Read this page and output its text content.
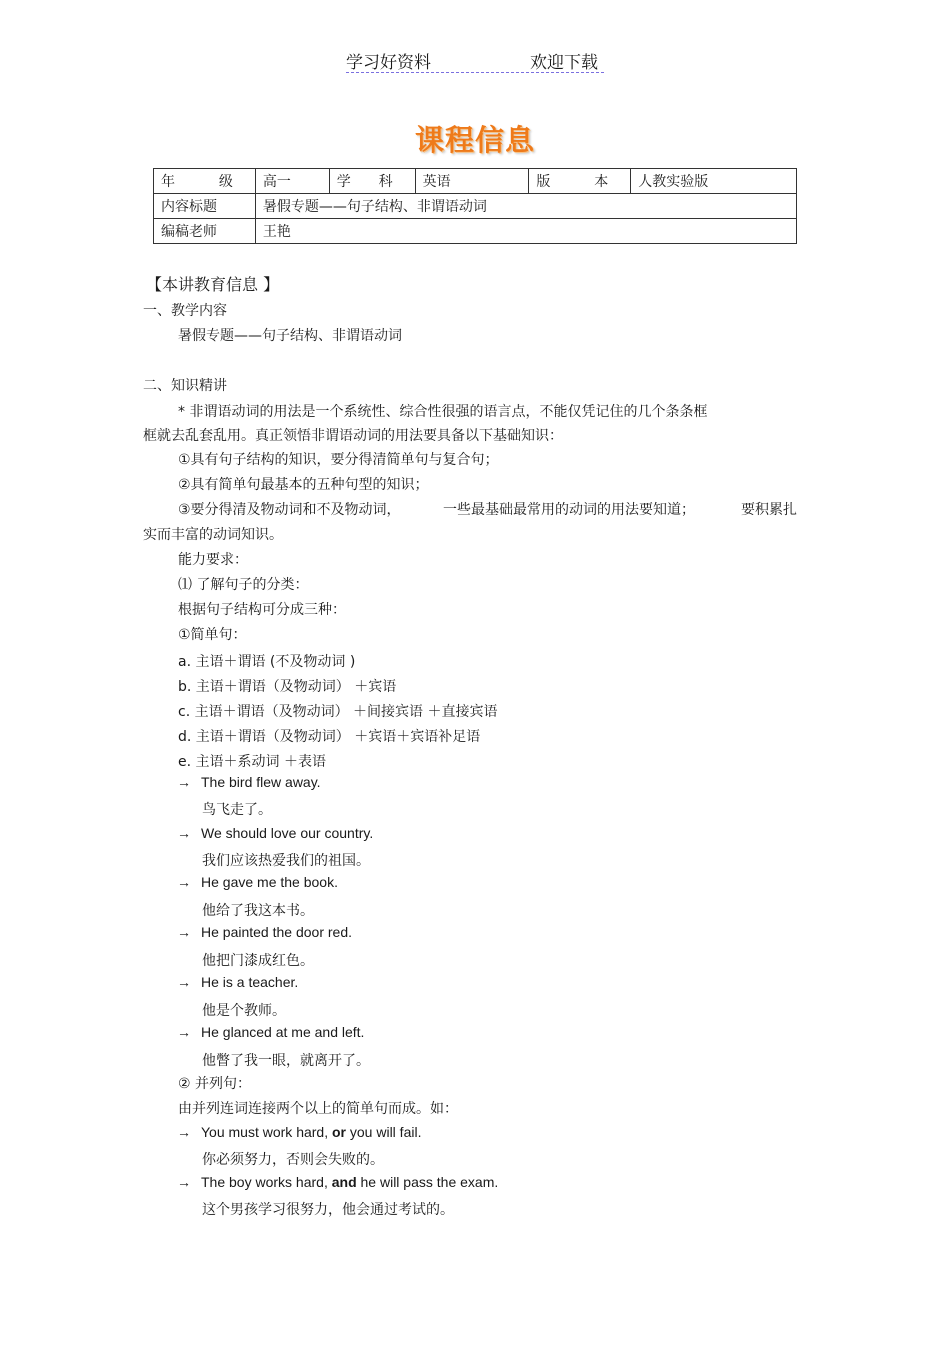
学习好资料	欢迎下载
课程信息
年 级	高一	学 科	英语	版 本	人教实验版
内容标题	暑假专题——句子结构、非谓语动词				
编稿老师	王艳				
【本讲教育信息 】
一、教学内容
暑假专题——句子结构、非谓语动词
二、知识精讲
* 非谓语动词的用法是一个系统性、综合性很强的语言点，不能仅凭记住的几个条条框
框就去乱套乱用。真正领悟非谓语动词的用法要具备以下基础知识：
①具有句子结构的知识，要分得清简单句与复合句；
②具有简单句最基本的五种句型的知识；
③要分得清及物动词和不及物动词，	一些最基础最常用的动词的用法要知道；	要积累扎
实而丰富的动词知识。
能力要求：
⑴ 了解句子的分类：
根据句子结构可分成三种：
①简单句：
a. 主语＋谓语 (不及物动词 )
b. 主语＋谓语（及物动词） ＋宾语
c. 主语＋谓语（及物动词） ＋间接宾语 ＋直接宾语
d. 主语＋谓语（及物动词） ＋宾语＋宾语补足语
e. 主语＋系动词 ＋表语
→ The bird flew away.
鸟飞走了。
→ We should love our country.
我们应该热爱我们的祖国。
→ He gave me the book.
他给了我这本书。
→ He painted the door red.
他把门漆成红色。
→ He is a teacher.
他是个教师。
→ He glanced at me and left.
他瞥了我一眼，就离开了。
② 并列句：
由并列连词连接两个以上的简单句而成。如：
→ You must work hard, or you will fail.
你必须努力，否则会失败的。
→ The boy works hard, and he will pass the exam.
这个男孩学习很努力，他会通过考试的。
